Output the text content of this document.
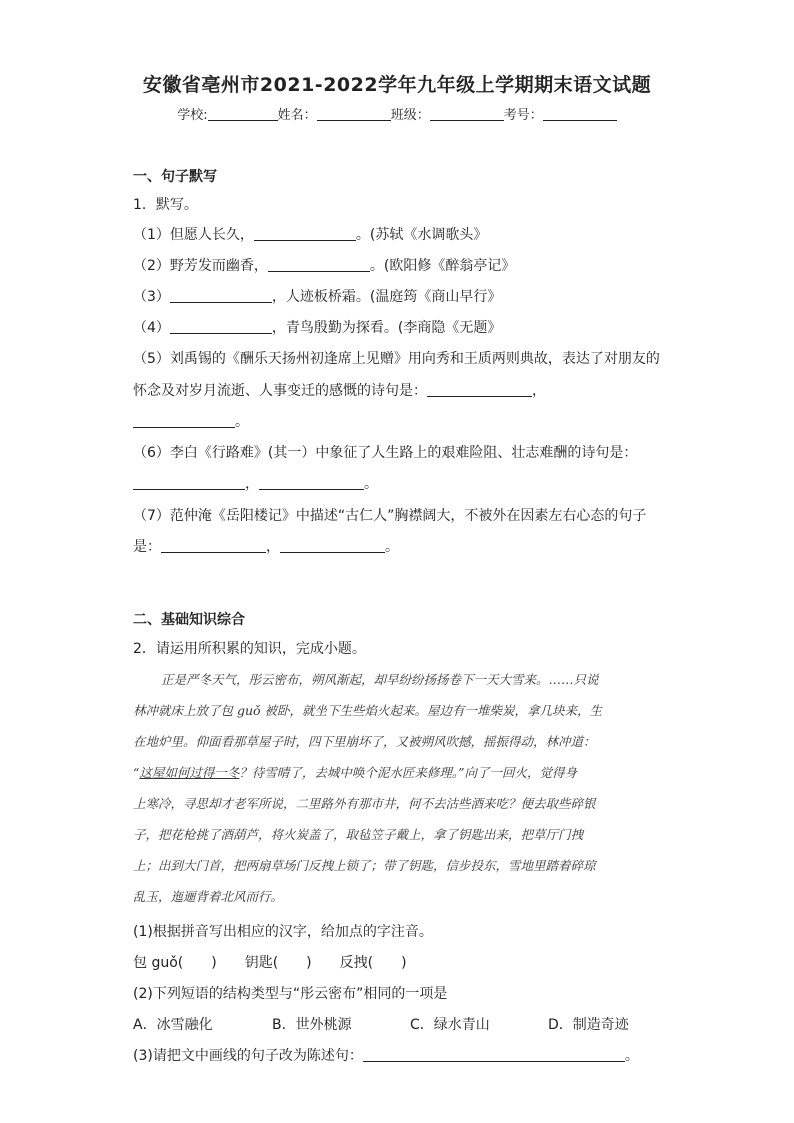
安徽省亳州市2021-2022学年九年级上学期期末语文试题
学校:	姓名：	班级：	考号：
一、句子默写
1．默写。
（1）但愿人长久，	。(苏轼《水调歌头》
（2）野芳发而幽香，	。(欧阳修《醉翁亭记》
（3）	，人迹板桥霜。(温庭筠《商山早行》
（4）	，青鸟殷勤为探看。(李商隐《无题》
（5）刘禹锡的《酬乐天扬州初逢席上见赠》用向秀和王质两则典故，表达了对朋友的
怀念及对岁月流逝、人事变迁的感慨的诗句是：	，
。
（6）李白《行路难》(其一）中象征了人生路上的艰难险阻、壮志难酬的诗句是：
，	。
（7）范仲淹《岳阳楼记》中描述“古仁人”胸襟阔大，不被外在因素左右心态的句子
是：	，	。
二、基础知识综合
2．请运用所积累的知识，完成小题。
正是严冬天气，彤云密布，朔风渐起，却早纷纷扬扬卷下一天大雪来。……只说
林冲就床上放了包 guǒ 被卧，就坐下生些焰火起来。屋边有一堆柴炭，拿几块来，生
在地炉里。仰面看那草屋子时，四下里崩坏了，又被朔风吹撼，摇振得动，林冲道：
“这屋如何过得一冬？待雪晴了，去城中唤个泥水匠来修理。”向了一回火，觉得身
上寒冷，寻思却才老军所说，二里路外有那市井，何不去沽些酒来吃？便去取些碎银
子，把花枪挑了酒葫芦，将火炭盖了，取毡笠子戴上，拿了钥匙出来，把草厅门拽
上；出到大门首，把两扇草场门反拽上锁了；带了钥匙，信步投东，雪地里踏着碎琼
乱玉，迤逦背着北风而行。
(1)根据拼音写出相应的汉字，给加点的字注音。
包 guǒ(　　)　　钥匙(　　)　　反拽(　　)
(2)下列短语的结构类型与“彤云密布”相同的一项是
A．冰雪融化	B．世外桃源	C．绿水青山	D．制造奇迹
(3)请把文中画线的句子改为陈述句：	。
